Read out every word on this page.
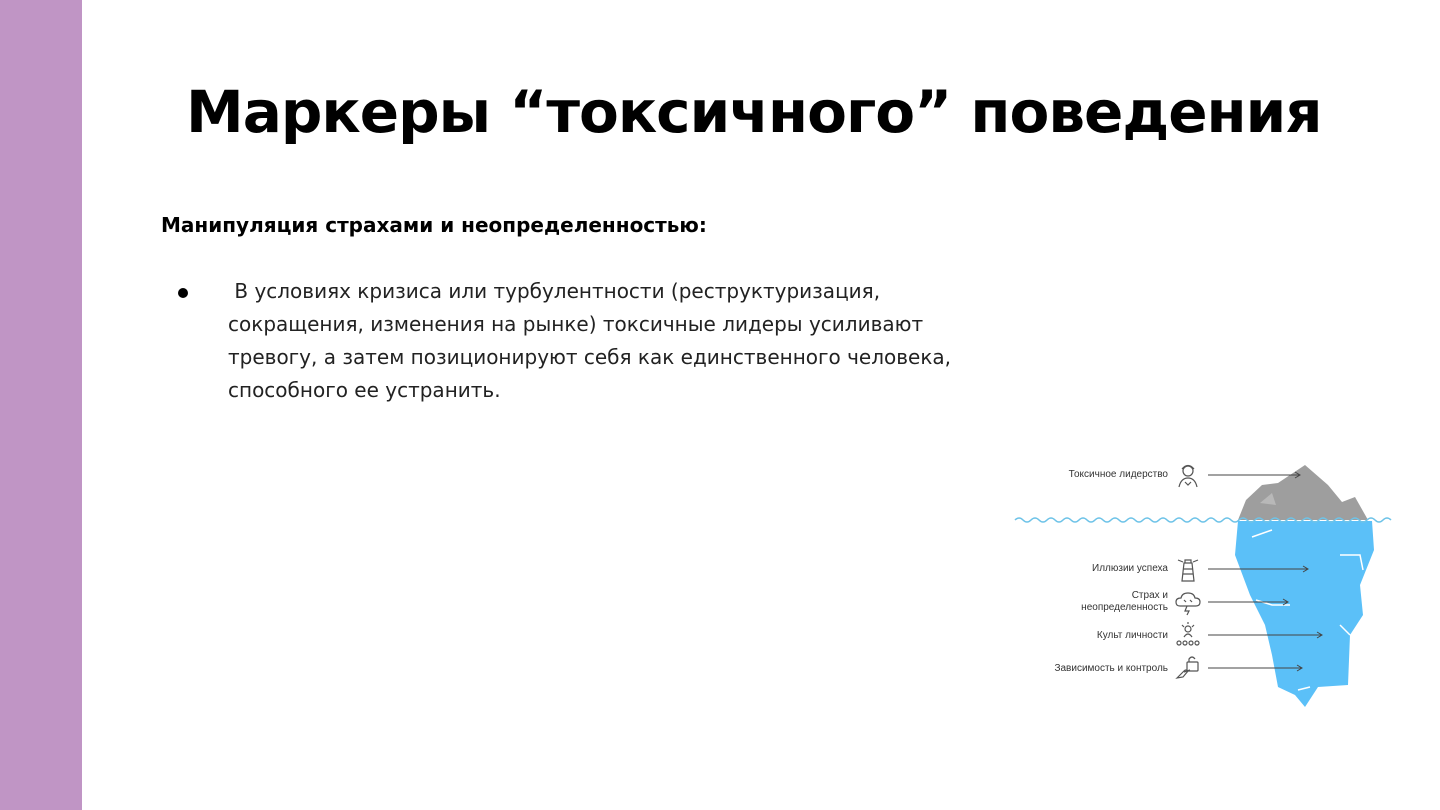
Маркеры “токсичного” поведения
Манипуляция страхами и неопределенностью:
В условиях кризиса или турбулентности (реструктуризация, сокращения, изменения на рынке) токсичные лидеры усиливают тревогу, а затем позиционируют себя как единственного человека, способного ее устранить.
Токсичное лидерство
Иллюзии успеха
Страх и
неопределенность
Культ личности
Зависимость и контроль
